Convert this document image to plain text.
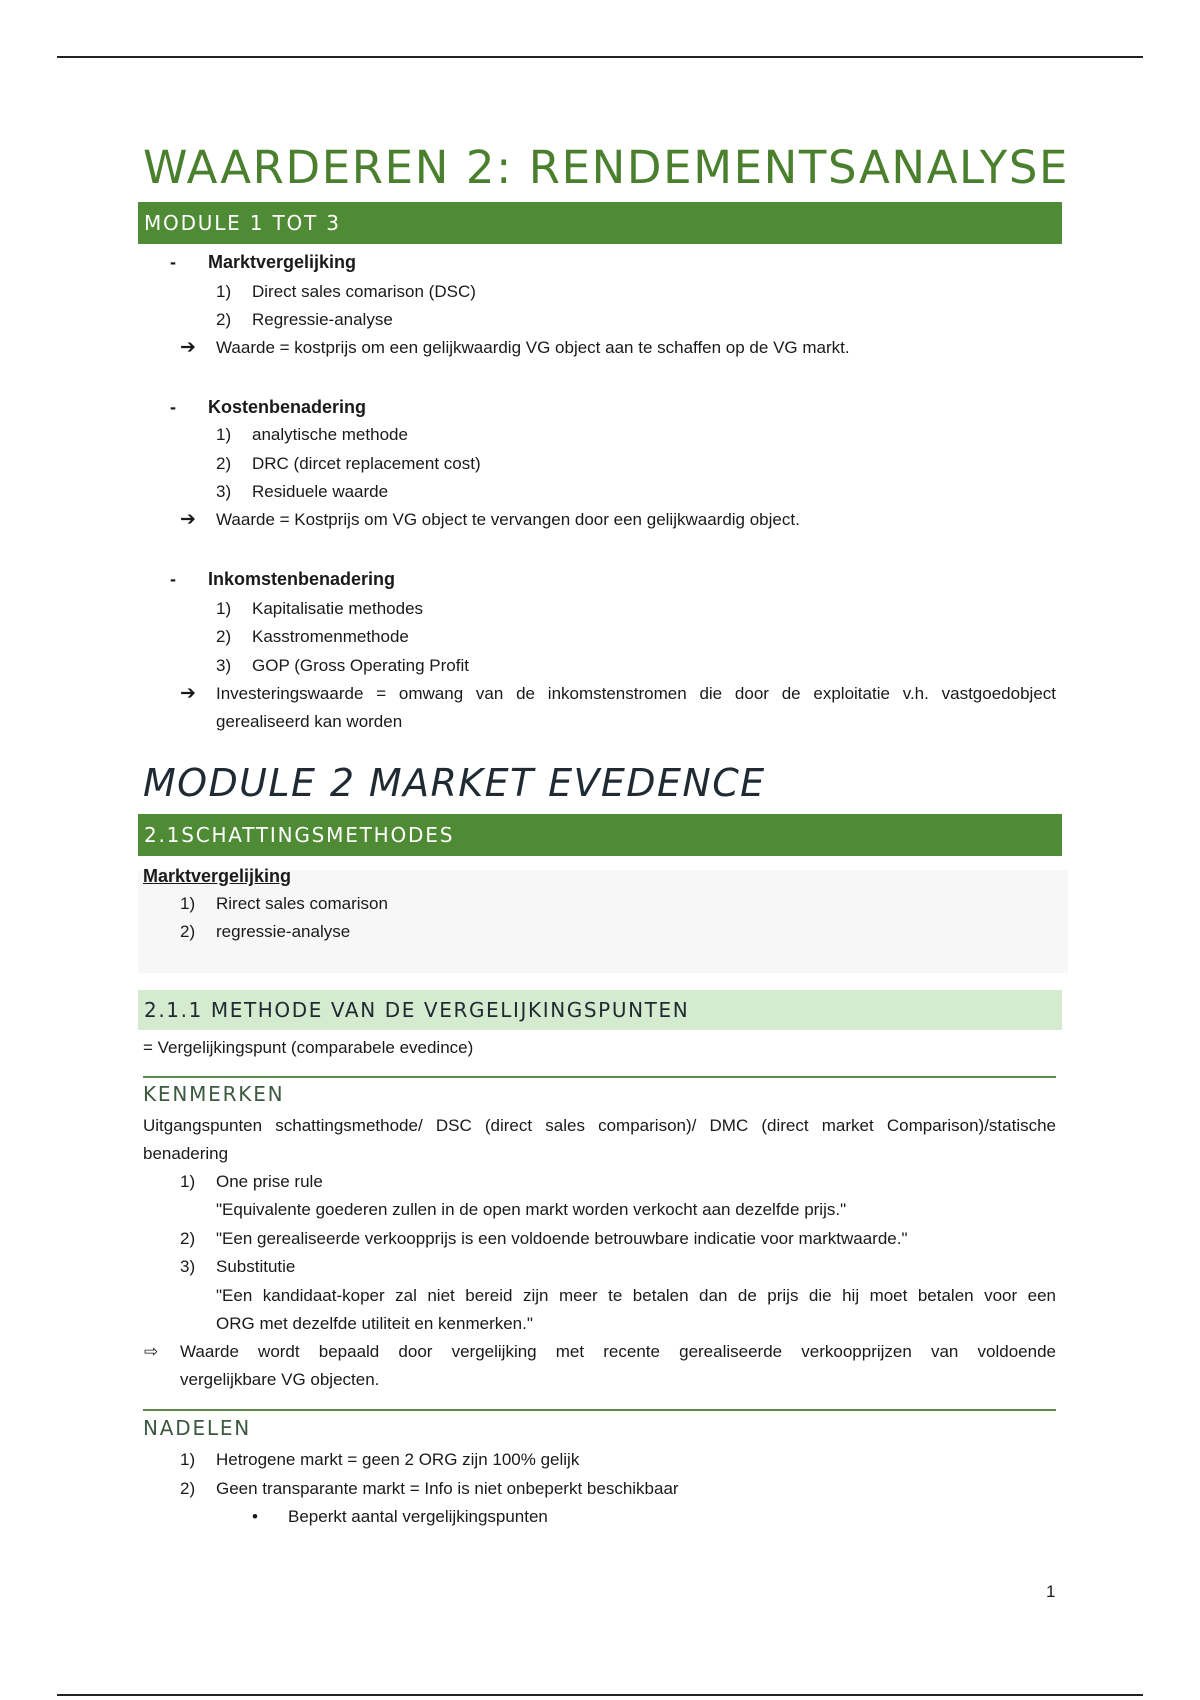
WAARDEREN 2: RENDEMENTSANALYSE
MODULE 1 TOT 3
- Marktvergelijking
1) Direct sales comarison (DSC)
2) Regressie-analyse
➔ Waarde = kostprijs om een gelijkwaardig VG object aan te schaffen op de VG markt.
- Kostenbenadering
1) analytische methode
2) DRC (dircet replacement cost)
3) Residuele waarde
➔ Waarde = Kostprijs om VG object te vervangen door een gelijkwaardig object.
- Inkomstenbenadering
1) Kapitalisatie methodes
2) Kasstromenmethode
3) GOP (Gross Operating Profit
➔ Investeringswaarde = omwang van de inkomstenstromen die door de exploitatie v.h. vastgoedobject
gerealiseerd kan worden
MODULE 2 MARKET EVEDENCE
2.1SCHATTINGSMETHODES
Marktvergelijking
1) Rirect sales comarison
2) regressie-analyse
2.1.1 METHODE VAN DE VERGELIJKINGSPUNTEN
= Vergelijkingspunt (comparabele evedince)
KENMERKEN
Uitgangspunten schattingsmethode/ DSC (direct sales comparison)/ DMC (direct market Comparison)/statische
benadering
1) One prise rule
"Equivalente goederen zullen in de open markt worden verkocht aan dezelfde prijs."
2) "Een gerealiseerde verkoopprijs is een voldoende betrouwbare indicatie voor marktwaarde."
3) Substitutie
"Een kandidaat-koper zal niet bereid zijn meer te betalen dan de prijs die hij moet betalen voor een
ORG met dezelfde utiliteit en kenmerken."
⇨ Waarde wordt bepaald door vergelijking met recente gerealiseerde verkoopprijzen van voldoende
vergelijkbare VG objecten.
NADELEN
1) Hetrogene markt = geen 2 ORG zijn 100% gelijk
2) Geen transparante markt = Info is niet onbeperkt beschikbaar
• Beperkt aantal vergelijkingspunten
1
